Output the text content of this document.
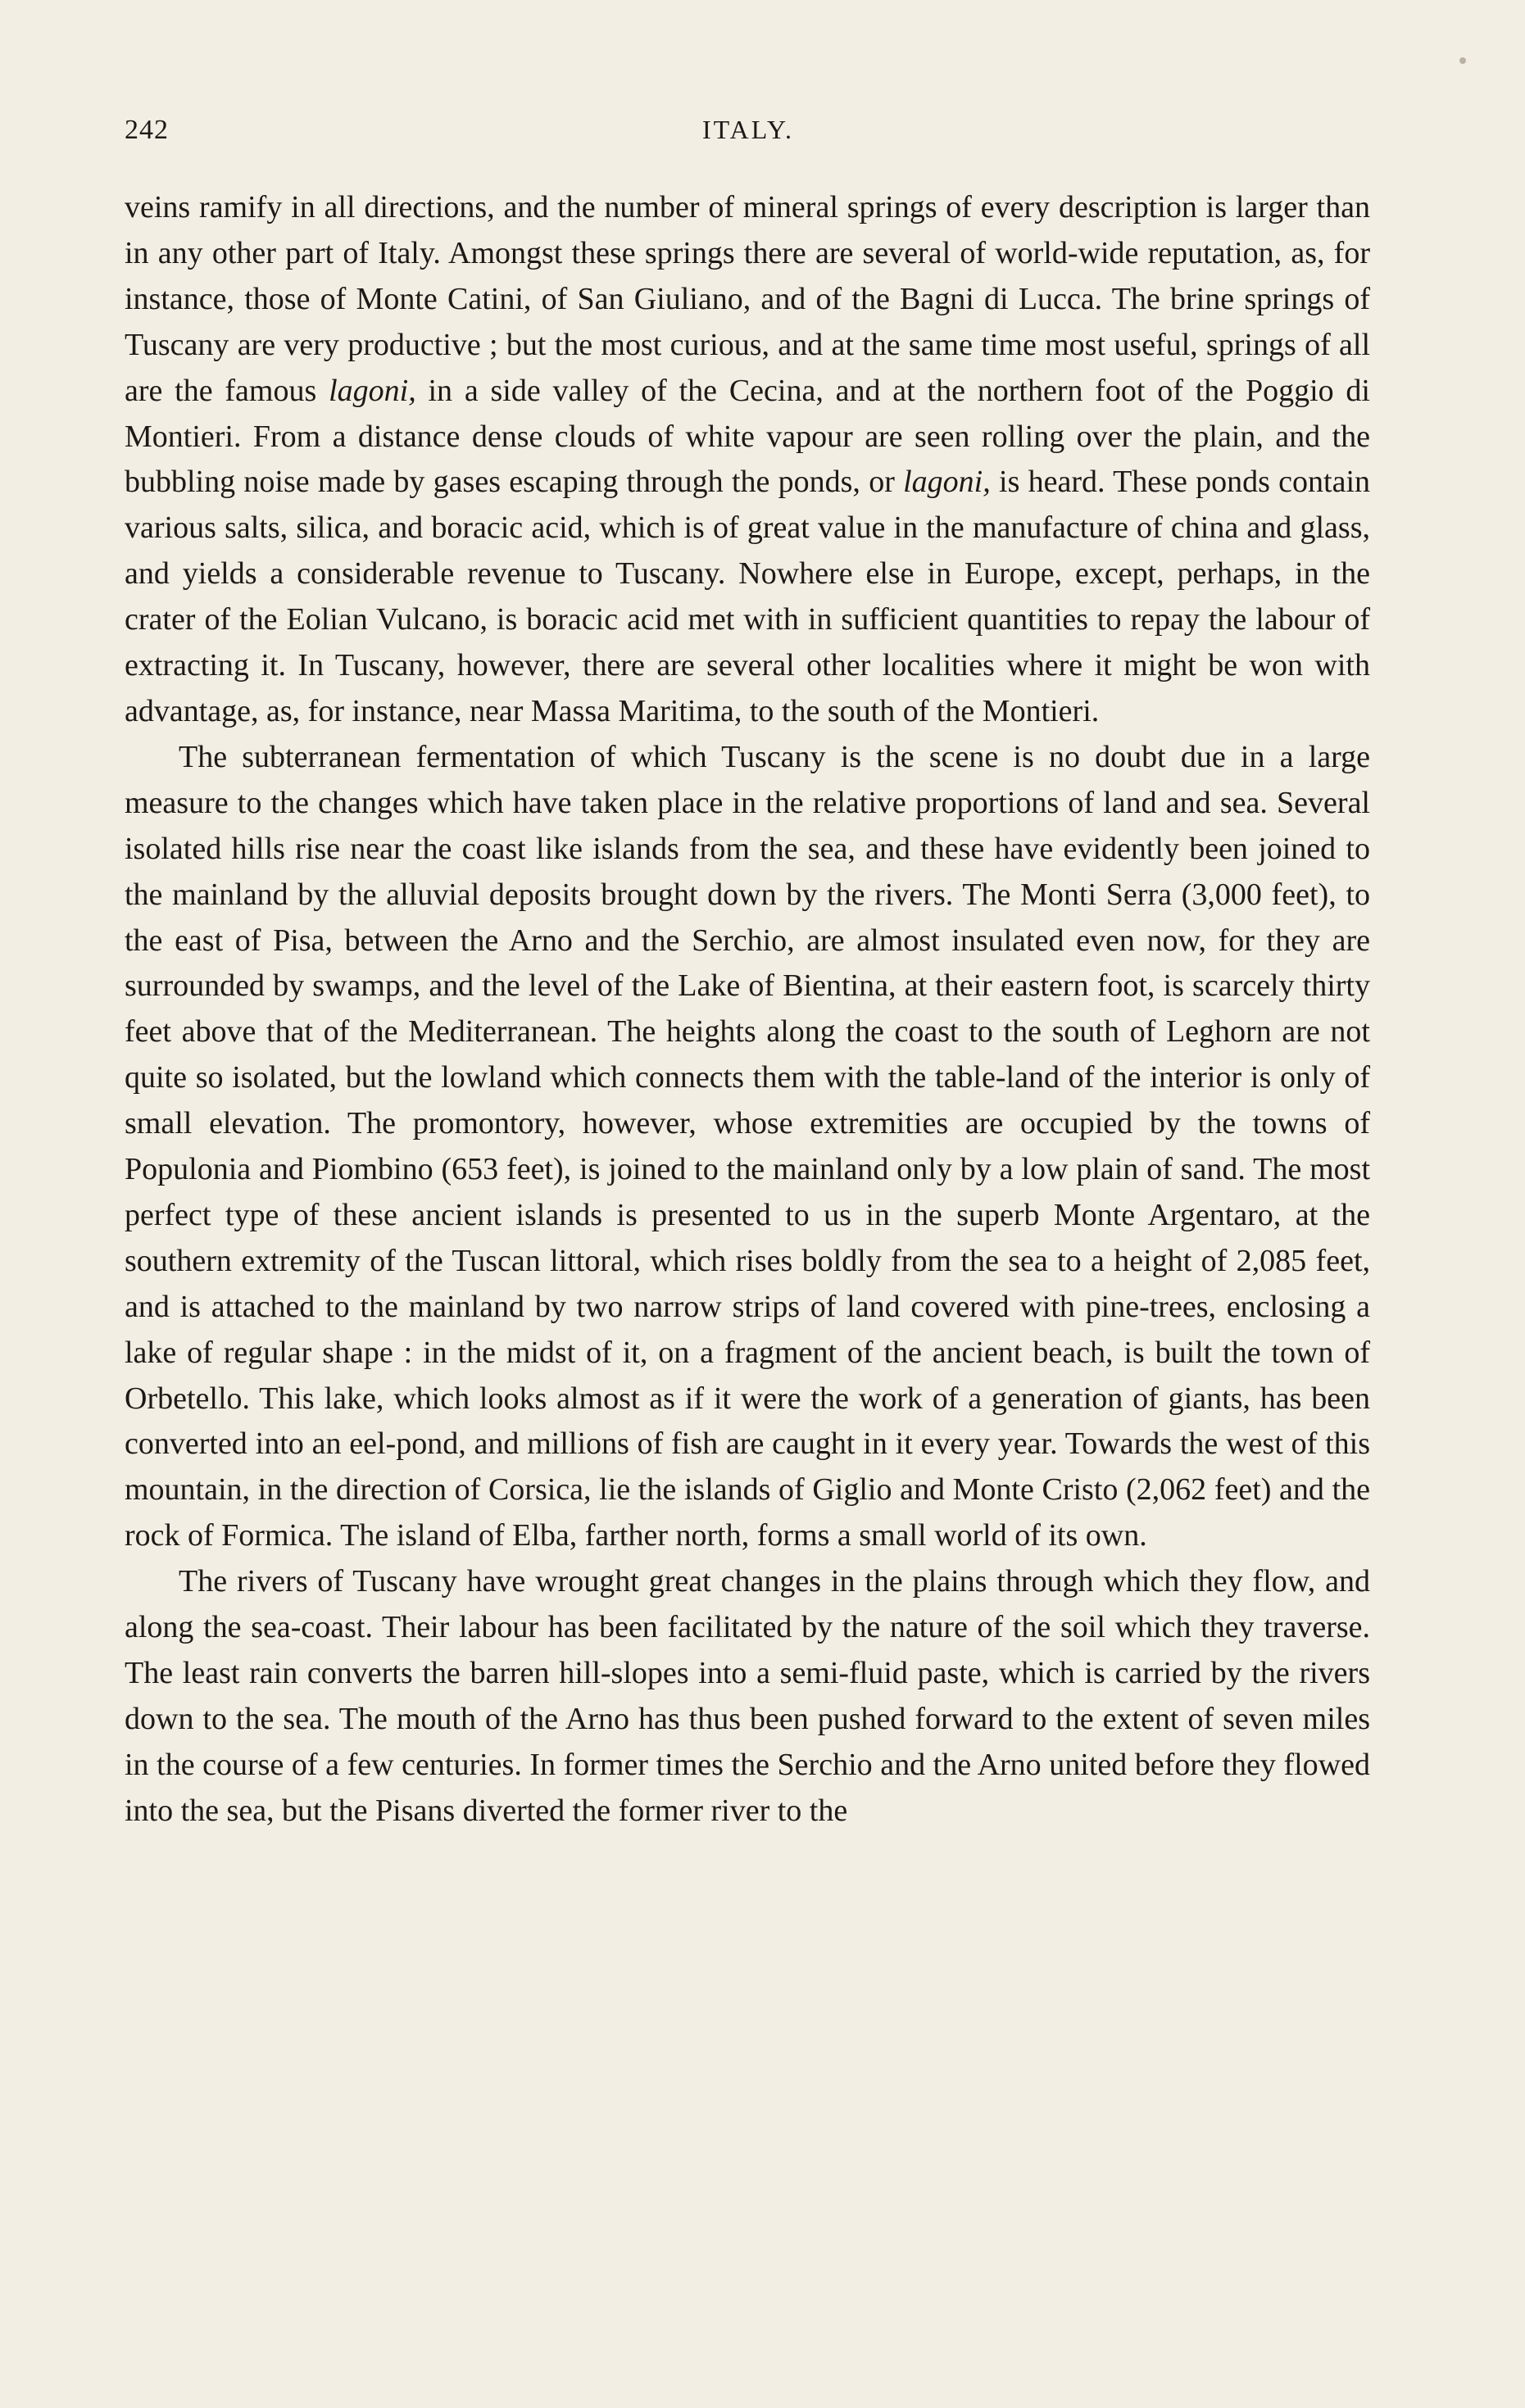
242	ITALY.

veins ramify in all directions, and the number of mineral springs of every description is larger than in any other part of Italy. Amongst these springs there are several of world-wide reputation, as, for instance, those of Monte Catini, of San Giuliano, and of the Bagni di Lucca. The brine springs of Tuscany are very productive ; but the most curious, and at the same time most useful, springs of all are the famous lagoni, in a side valley of the Cecina, and at the northern foot of the Poggio di Montieri. From a distance dense clouds of white vapour are seen rolling over the plain, and the bubbling noise made by gases escaping through the ponds, or lagoni, is heard. These ponds contain various salts, silica, and boracic acid, which is of great value in the manufacture of china and glass, and yields a considerable revenue to Tuscany. Nowhere else in Europe, except, perhaps, in the crater of the Eolian Vulcano, is boracic acid met with in sufficient quantities to repay the labour of extracting it. In Tuscany, however, there are several other localities where it might be won with advantage, as, for instance, near Massa Maritima, to the south of the Montieri.

The subterranean fermentation of which Tuscany is the scene is no doubt due in a large measure to the changes which have taken place in the relative proportions of land and sea. Several isolated hills rise near the coast like islands from the sea, and these have evidently been joined to the mainland by the alluvial deposits brought down by the rivers. The Monti Serra (3,000 feet), to the east of Pisa, between the Arno and the Serchio, are almost insulated even now, for they are surrounded by swamps, and the level of the Lake of Bientina, at their eastern foot, is scarcely thirty feet above that of the Mediterranean. The heights along the coast to the south of Leghorn are not quite so isolated, but the lowland which connects them with the table-land of the interior is only of small elevation. The promontory, however, whose extremities are occupied by the towns of Populonia and Piombino (653 feet), is joined to the mainland only by a low plain of sand. The most perfect type of these ancient islands is presented to us in the superb Monte Argentaro, at the southern extremity of the Tuscan littoral, which rises boldly from the sea to a height of 2,085 feet, and is attached to the mainland by two narrow strips of land covered with pine-trees, enclosing a lake of regular shape : in the midst of it, on a fragment of the ancient beach, is built the town of Orbetello. This lake, which looks almost as if it were the work of a generation of giants, has been converted into an eel-pond, and millions of fish are caught in it every year. Towards the west of this mountain, in the direction of Corsica, lie the islands of Giglio and Monte Cristo (2,062 feet) and the rock of Formica. The island of Elba, farther north, forms a small world of its own.

The rivers of Tuscany have wrought great changes in the plains through which they flow, and along the sea-coast. Their labour has been facilitated by the nature of the soil which they traverse. The least rain converts the barren hill-slopes into a semi-fluid paste, which is carried by the rivers down to the sea. The mouth of the Arno has thus been pushed forward to the extent of seven miles in the course of a few centuries. In former times the Serchio and the Arno united before they flowed into the sea, but the Pisans diverted the former river to the
